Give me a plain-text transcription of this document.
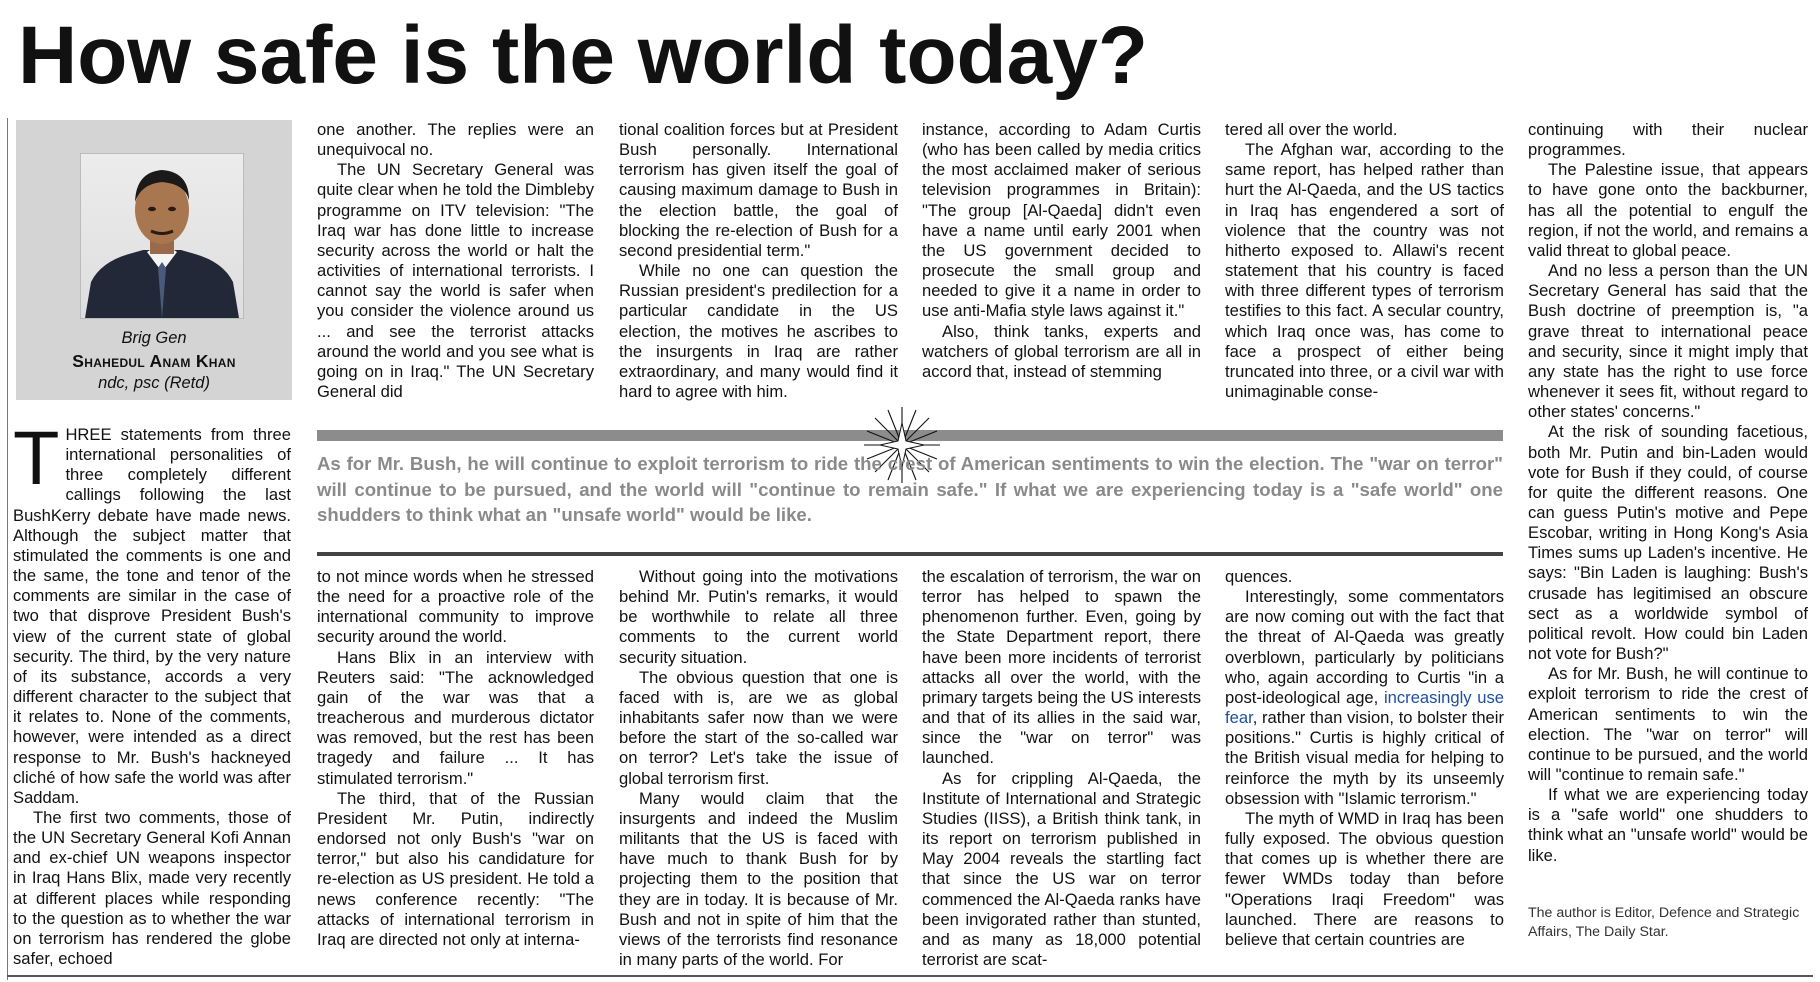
How safe is the world today?

Brig Gen

Shahedul Anam Khan

ndc, psc (Retd)

THREE statements from three international personalities of three completely different callings following the last BushKerry debate have made news. Although the subject matter that stimulated the comments is one and the same, the tone and tenor of the comments are similar in the case of two that disprove President Bush's view of the current state of global security. The third, by the very nature of its substance, accords a very different character to the subject that it relates to. None of the comments, however, were intended as a direct response to Mr. Bush's hackneyed cliché of how safe the world was after Saddam.

The first two comments, those of the UN Secretary General Kofi Annan and ex-chief UN weapons inspector in Iraq Hans Blix, made very recently at different places while responding to the question as to whether the war on terrorism has rendered the globe safer, echoed

one another. The replies were an unequivocal no.

The UN Secretary General was quite clear when he told the Dimbleby programme on ITV television: "The Iraq war has done little to increase security across the world or halt the activities of international terrorists. I cannot say the world is safer when you consider the violence around us ... and see the terrorist attacks around the world and you see what is going on in Iraq." The UN Secretary General did

tional coalition forces but at President Bush personally. International terrorism has given itself the goal of causing maximum damage to Bush in the election battle, the goal of blocking the re-election of Bush for a second presidential term."

While no one can question the Russian president's predilection for a particular candidate in the US election, the motives he ascribes to the insurgents in Iraq are rather extraordinary, and many would find it hard to agree with him.

instance, according to Adam Curtis (who has been called by media critics the most acclaimed maker of serious television programmes in Britain): "The group [Al-Qaeda] didn't even have a name until early 2001 when the US government decided to prosecute the small group and needed to give it a name in order to use anti-Mafia style laws against it."

Also, think tanks, experts and watchers of global terrorism are all in accord that, instead of stemming

tered all over the world.

The Afghan war, according to the same report, has helped rather than hurt the Al-Qaeda, and the US tactics in Iraq has engendered a sort of violence that the country was not hitherto exposed to. Allawi's recent statement that his country is faced with three different types of terrorism testifies to this fact. A secular country, which Iraq once was, has come to face a prospect of either being truncated into three, or a civil war with unimaginable conse-

continuing with their nuclear programmes.

The Palestine issue, that appears to have gone onto the backburner, has all the potential to engulf the region, if not the world, and remains a valid threat to global peace.

And no less a person than the UN Secretary General has said that the Bush doctrine of preemption is, "a grave threat to international peace and security, since it might imply that any state has the right to use force whenever it sees fit, without regard to other states' concerns."

At the risk of sounding facetious, both Mr. Putin and bin-Laden would vote for Bush if they could, of course for quite the different reasons. One can guess Putin's motive and Pepe Escobar, writing in Hong Kong's Asia Times sums up Laden's incentive. He says: "Bin Laden is laughing: Bush's crusade has legitimised an obscure sect as a worldwide symbol of political revolt. How could bin Laden not vote for Bush?"

As for Mr. Bush, he will continue to exploit terrorism to ride the crest of American sentiments to win the election. The "war on terror" will continue to be pursued, and the world will "continue to remain safe."

If what we are experiencing today is a "safe world" one shudders to think what an "unsafe world" would be like.

As for Mr. Bush, he will continue to exploit terrorism to ride the crest of American sentiments to win the election. The "war on terror" will continue to be pursued, and the world will "continue to remain safe." If what we are experiencing today is a "safe world" one shudders to think what an "unsafe world" would be like.

to not mince words when he stressed the need for a proactive role of the international community to improve security around the world.

Hans Blix in an interview with Reuters said: "The acknowledged gain of the war was that a treacherous and murderous dictator was removed, but the rest has been tragedy and failure ... It has stimulated terrorism."

The third, that of the Russian President Mr. Putin, indirectly endorsed not only Bush's "war on terror," but also his candidature for re-election as US president. He told a news conference recently: "The attacks of international terrorism in Iraq are directed not only at interna-

Without going into the motivations behind Mr. Putin's remarks, it would be worthwhile to relate all three comments to the current world security situation.

The obvious question that one is faced with is, are we as global inhabitants safer now than we were before the start of the so-called war on terror? Let's take the issue of global terrorism first.

Many would claim that the insurgents and indeed the Muslim militants that the US is faced with have much to thank Bush for by projecting them to the position that they are in today. It is because of Mr. Bush and not in spite of him that the views of the terrorists find resonance in many parts of the world. For

the escalation of terrorism, the war on terror has helped to spawn the phenomenon further. Even, going by the State Department report, there have been more incidents of terrorist attacks all over the world, with the primary targets being the US interests and that of its allies in the said war, since the "war on terror" was launched.

As for crippling Al-Qaeda, the Institute of International and Strategic Studies (IISS), a British think tank, in its report on terrorism published in May 2004 reveals the startling fact that since the US war on terror commenced the Al-Qaeda ranks have been invigorated rather than stunted, and as many as 18,000 potential terrorist are scat-

quences.

Interestingly, some commentators are now coming out with the fact that the threat of Al-Qaeda was greatly overblown, particularly by politicians who, again according to Curtis "in a post-ideological age, increasingly use fear, rather than vision, to bolster their positions." Curtis is highly critical of the British visual media for helping to reinforce the myth by its unseemly obsession with "Islamic terrorism."

The myth of WMD in Iraq has been fully exposed. The obvious question that comes up is whether there are fewer WMDs today than before "Operations Iraqi Freedom" was launched. There are reasons to believe that certain countries are

The author is Editor, Defence and Strategic Affairs, The Daily Star.
